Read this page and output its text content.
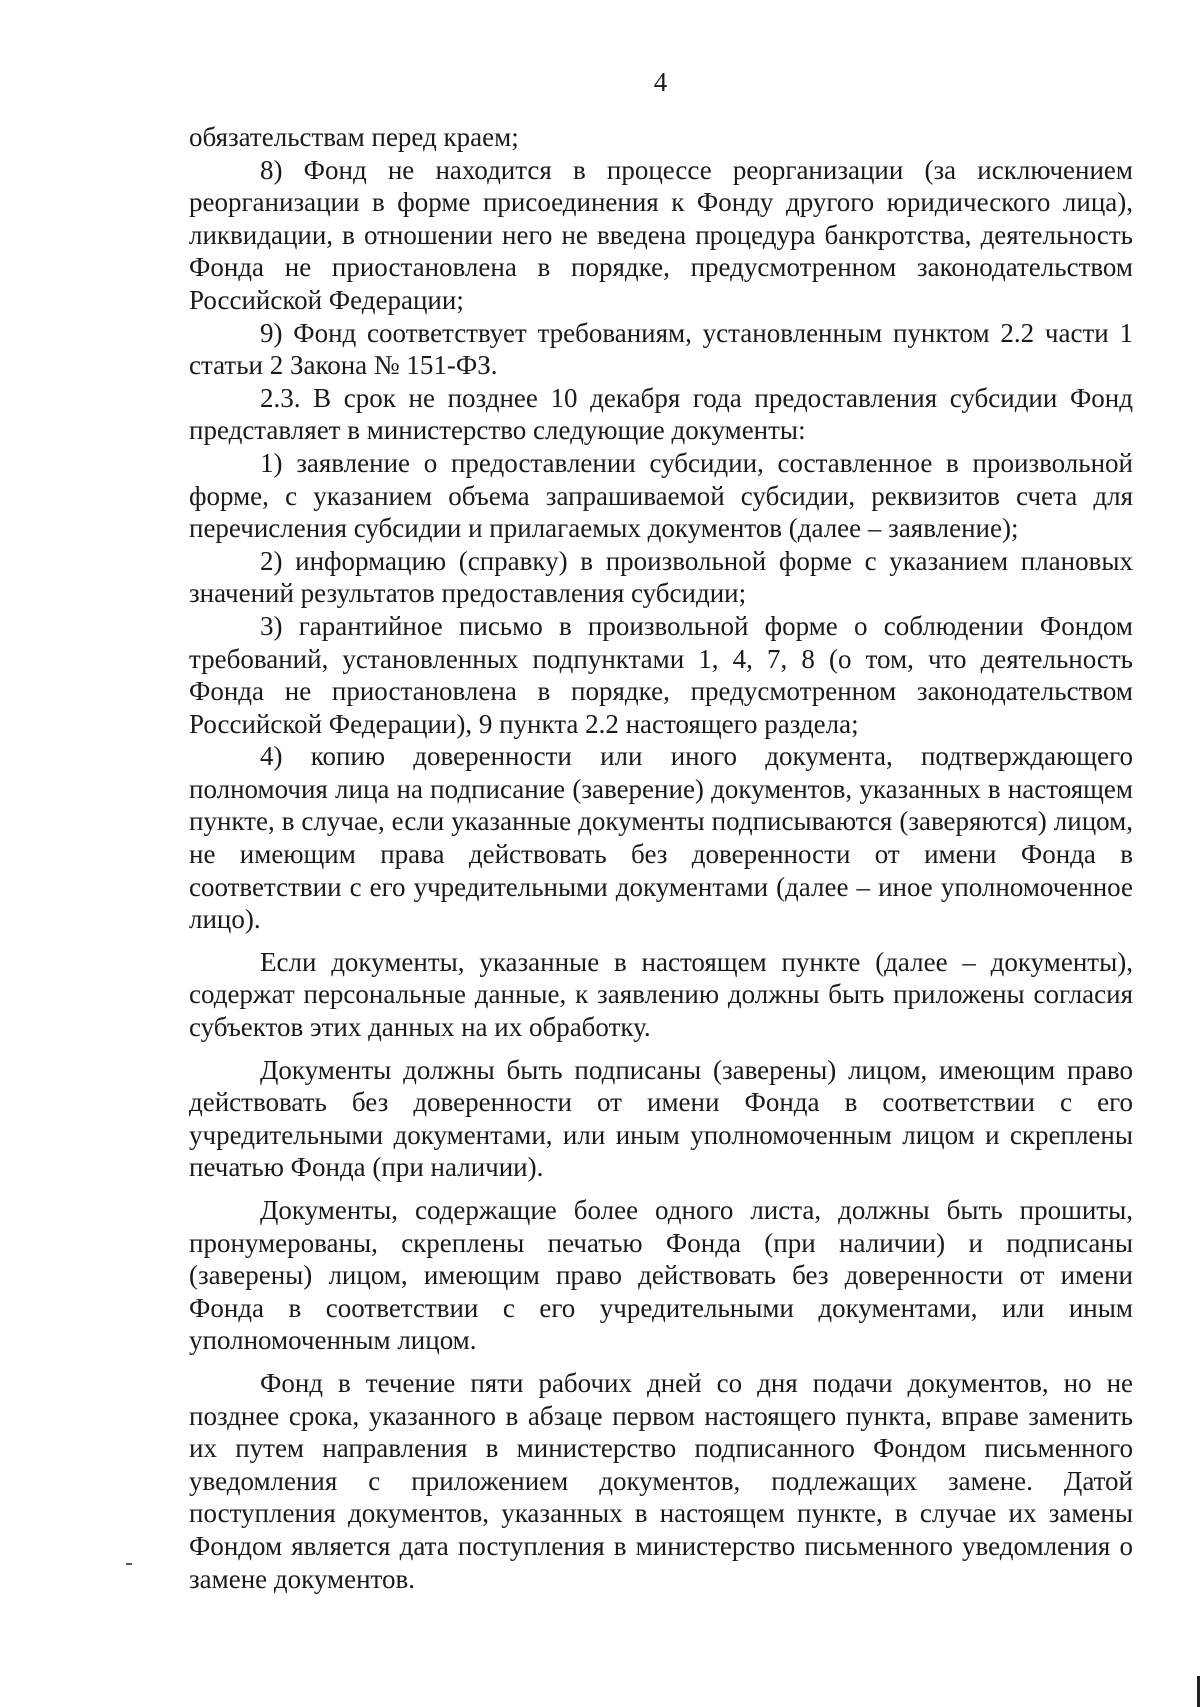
4

обязательствам перед краем;

8) Фонд не находится в процессе реорганизации (за исключением реорганизации в форме присоединения к Фонду другого юридического лица), ликвидации, в отношении него не введена процедура банкротства, деятельность Фонда не приостановлена в порядке, предусмотренном законодательством Российской Федерации;

9) Фонд соответствует требованиям, установленным пунктом 2.2 части 1 статьи 2 Закона № 151-ФЗ.

2.3. В срок не позднее 10 декабря года предоставления субсидии Фонд представляет в министерство следующие документы:

1) заявление о предоставлении субсидии, составленное в произвольной форме, с указанием объема запрашиваемой субсидии, реквизитов счета для перечисления субсидии и прилагаемых документов (далее – заявление);

2) информацию (справку) в произвольной форме с указанием плановых значений результатов предоставления субсидии;

3) гарантийное письмо в произвольной форме о соблюдении Фондом требований, установленных подпунктами 1, 4, 7, 8 (о том, что деятельность Фонда не приостановлена в порядке, предусмотренном законодательством Российской Федерации), 9 пункта 2.2 настоящего раздела;

4) копию доверенности или иного документа, подтверждающего полномочия лица на подписание (заверение) документов, указанных в настоящем пункте, в случае, если указанные документы подписываются (заверяются) лицом, не имеющим права действовать без доверенности от имени Фонда в соответствии с его учредительными документами (далее – иное уполномоченное лицо).

Если документы, указанные в настоящем пункте (далее – документы), содержат персональные данные, к заявлению должны быть приложены согласия субъектов этих данных на их обработку.

Документы должны быть подписаны (заверены) лицом, имеющим право действовать без доверенности от имени Фонда в соответствии с его учредительными документами, или иным уполномоченным лицом и скреплены печатью Фонда (при наличии).

Документы, содержащие более одного листа, должны быть прошиты, пронумерованы, скреплены печатью Фонда (при наличии) и подписаны (заверены) лицом, имеющим право действовать без доверенности от имени Фонда в соответствии с его учредительными документами, или иным уполномоченным лицом.

Фонд в течение пяти рабочих дней со дня подачи документов, но не позднее срока, указанного в абзаце первом настоящего пункта, вправе заменить их путем направления в министерство подписанного Фондом письменного уведомления с приложением документов, подлежащих замене. Датой поступления документов, указанных в настоящем пункте, в случае их замены Фондом является дата поступления в министерство письменного уведомления о замене документов.
